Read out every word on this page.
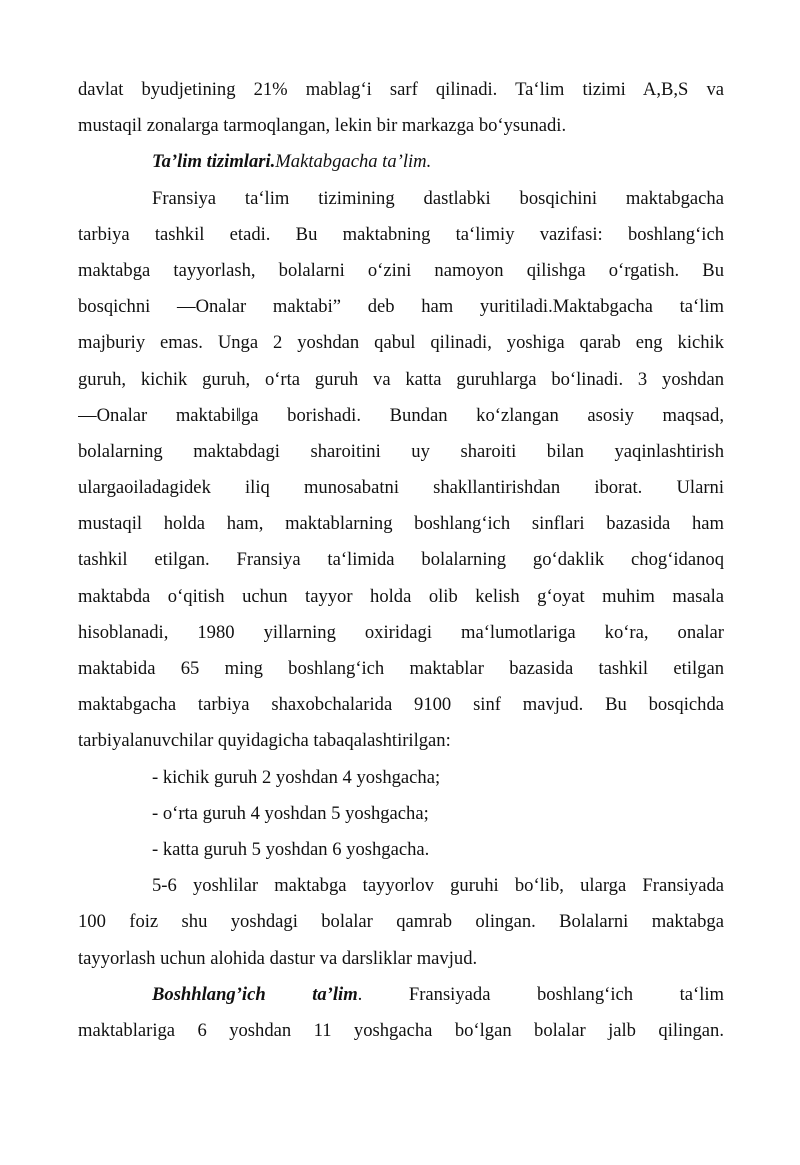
davlat byudjetining 21% mablag‘i sarf qilinadi. Ta‘lim tizimi A,B,S va
mustaqil zonalarga tarmoqlangan, lekin bir markazga bo‘ysunadi.
Ta’lim tizimlari.Maktabgacha ta’lim.
Fransiya ta‘lim tizimining dastlabki bosqichini maktabgacha
tarbiya tashkil etadi. Bu maktabning ta‘limiy vazifasi: boshlang‘ich
maktabga tayyorlash, bolalarni o‘zini namoyon qilishga o‘rgatish. Bu
bosqichni ―Onalar maktabi” deb ham yuritiladi.Maktabgacha ta‘lim
majburiy emas. Unga 2 yoshdan qabul qilinadi, yoshiga qarab eng kichik
guruh, kichik guruh, o‘rta guruh va katta guruhlarga bo‘linadi. 3 yoshdan
―Onalar maktabi‖ga borishadi. Bundan ko‘zlangan asosiy maqsad,
bolalarning maktabdagi sharoitini uy sharoiti bilan yaqinlashtirish
ulargaoiladagidek iliq munosabatni shakllantirishdan iborat. Ularni
mustaqil holda ham, maktablarning boshlang‘ich sinflari bazasida ham
tashkil etilgan. Fransiya ta‘limida bolalarning go‘daklik chog‘idanoq
maktabda o‘qitish uchun tayyor holda olib kelish g‘oyat muhim masala
hisoblanadi, 1980 yillarning oxiridagi ma‘lumotlariga ko‘ra, onalar
maktabida 65 ming boshlang‘ich maktablar bazasida tashkil etilgan
maktabgacha tarbiya shaxobchalarida 9100 sinf mavjud. Bu bosqichda
tarbiyalanuvchilar quyidagicha tabaqalashtirilgan:
- kichik guruh 2 yoshdan 4 yoshgacha;
- o‘rta guruh 4 yoshdan 5 yoshgacha;
- katta guruh 5 yoshdan 6 yoshgacha.
5-6 yoshlilar maktabga tayyorlov guruhi bo‘lib, ularga Fransiyada
100 foiz shu yoshdagi bolalar qamrab olingan. Bolalarni maktabga
tayyorlash uchun alohida dastur va darsliklar mavjud.
Boshhlang’ich ta’lim. Fransiyada boshlang‘ich ta‘lim
maktablariga 6 yoshdan 11 yoshgacha bo‘lgan bolalar jalb qilingan.
